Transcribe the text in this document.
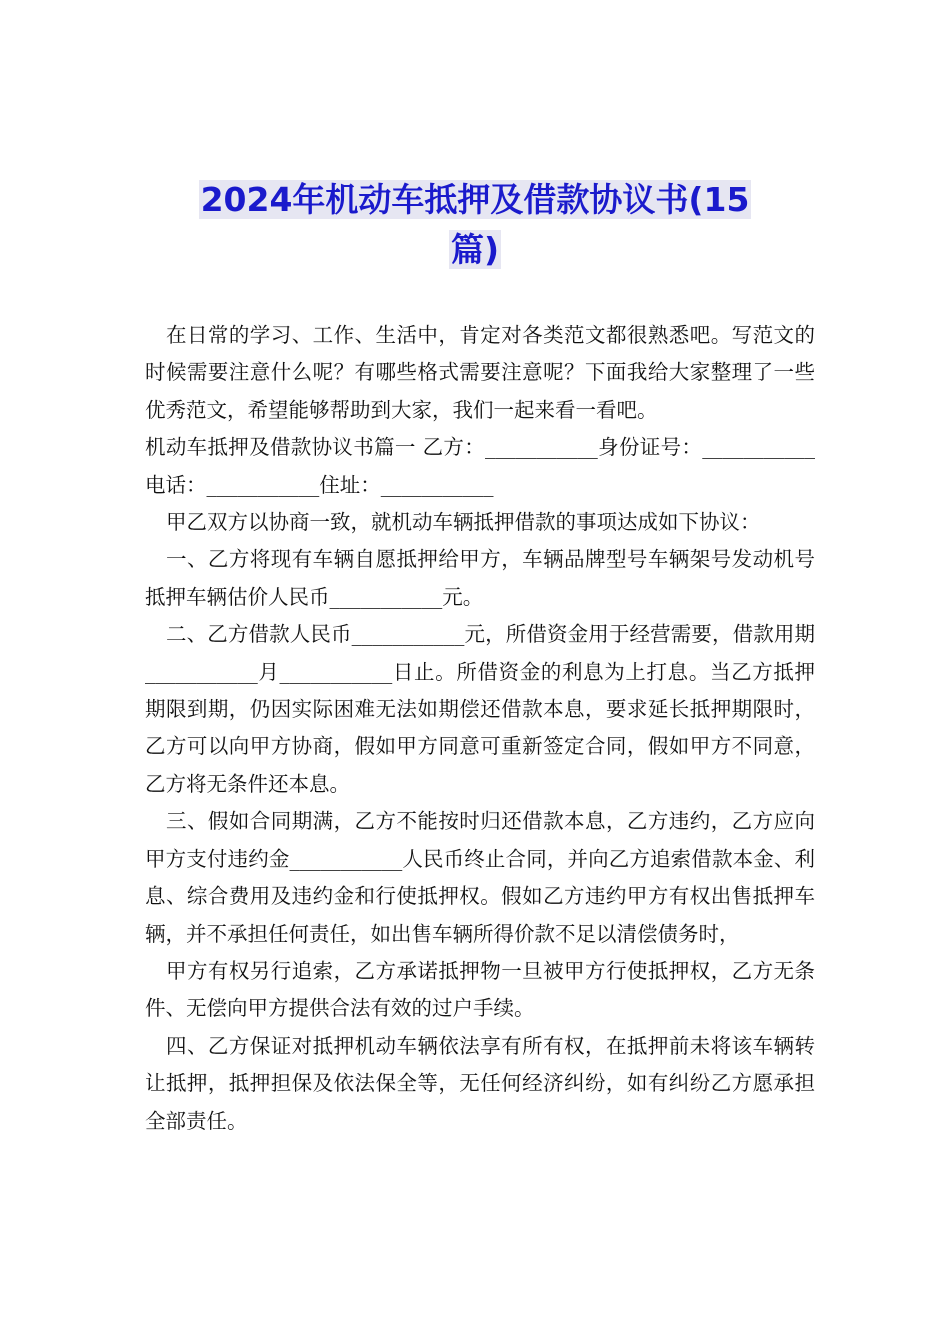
2024年机动车抵押及借款协议书(15
篇)

在日常的学习、工作、生活中，肯定对各类范文都很熟悉吧。写范文的时候需要注意什么呢？有哪些格式需要注意呢？下面我给大家整理了一些优秀范文，希望能够帮助到大家，我们一起来看一看吧。

机动车抵押及借款协议书篇一 乙方：___________身份证号：___________电话：___________住址：___________

甲乙双方以协商一致，就机动车辆抵押借款的事项达成如下协议：

一、乙方将现有车辆自愿抵押给甲方，车辆品牌型号车辆架号发动机号抵押车辆估价人民币___________元。

二、乙方借款人民币___________元，所借资金用于经营需要，借款用期___________月___________日止。所借资金的利息为上打息。当乙方抵押期限到期，仍因实际困难无法如期偿还借款本息，要求延长抵押期限时，乙方可以向甲方协商，假如甲方同意可重新签定合同，假如甲方不同意，乙方将无条件还本息。

三、假如合同期满，乙方不能按时归还借款本息，乙方违约，乙方应向甲方支付违约金___________人民币终止合同，并向乙方追索借款本金、利息、综合费用及违约金和行使抵押权。假如乙方违约甲方有权出售抵押车辆，并不承担任何责任，如出售车辆所得价款不足以清偿债务时，

甲方有权另行追索，乙方承诺抵押物一旦被甲方行使抵押权，乙方无条件、无偿向甲方提供合法有效的过户手续。

四、乙方保证对抵押机动车辆依法享有所有权，在抵押前未将该车辆转让抵押，抵押担保及依法保全等，无任何经济纠纷，如有纠纷乙方愿承担全部责任。
